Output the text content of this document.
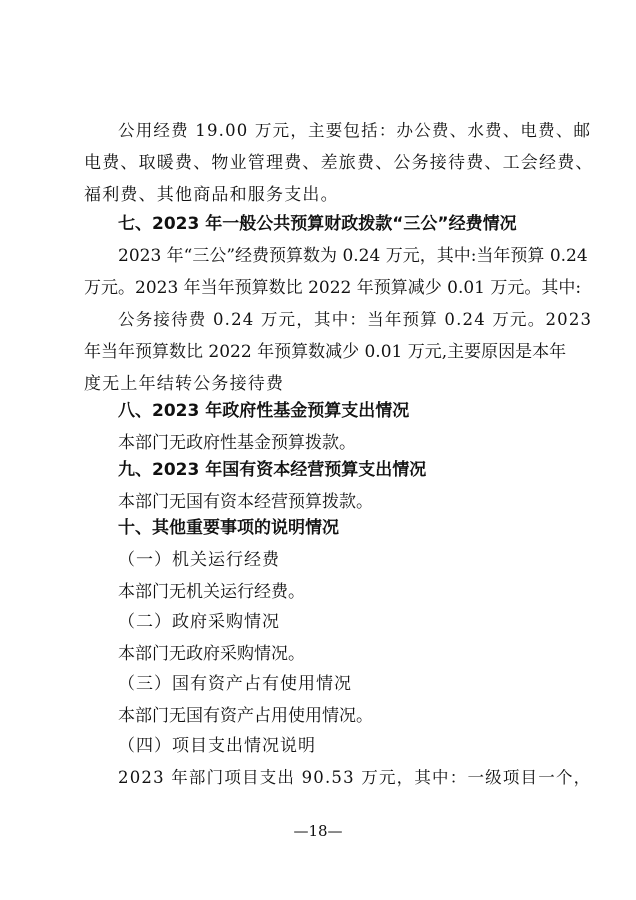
公用经费 19.00 万元，主要包括：办公费、水费、电费、邮
电费、取暖费、物业管理费、差旅费、公务接待费、工会经费、
福利费、其他商品和服务支出。
七、2023 年一般公共预算财政拨款“三公”经费情况
2023 年“三公”经费预算数为 0.24 万元，其中:当年预算 0.24
万元。2023 年当年预算数比 2022 年预算减少 0.01 万元。其中:
公务接待费 0.24 万元，其中：当年预算 0.24 万元。2023
年当年预算数比 2022 年预算数减少 0.01 万元,主要原因是本年
度无上年结转公务接待费
八、2023 年政府性基金预算支出情况
本部门无政府性基金预算拨款。
九、2023 年国有资本经营预算支出情况
本部门无国有资本经营预算拨款。
十、其他重要事项的说明情况
（一）机关运行经费
本部门无机关运行经费。
（二）政府采购情况
本部门无政府采购情况。
（三）国有资产占有使用情况
本部门无国有资产占用使用情况。
（四）项目支出情况说明
2023 年部门项目支出 90.53 万元，其中：一级项目一个，
—18—
